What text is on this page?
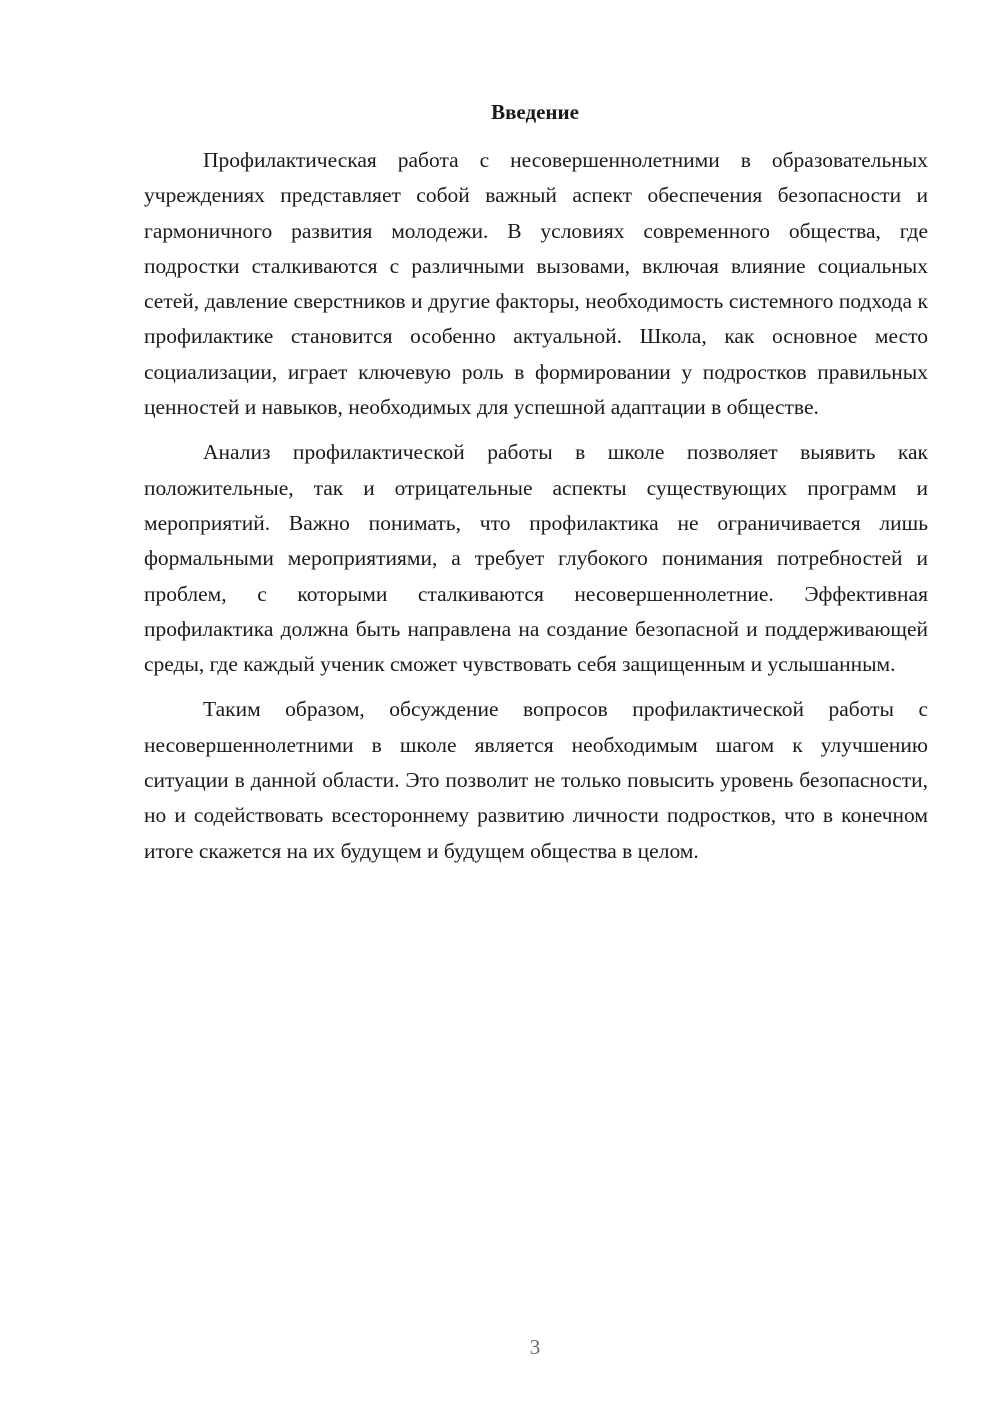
Введение

Профилактическая работа с несовершеннолетними в образовательных учреждениях представляет собой важный аспект обеспечения безопасности и гармоничного развития молодежи. В условиях современного общества, где подростки сталкиваются с различными вызовами, включая влияние социальных сетей, давление сверстников и другие факторы, необходимость системного подхода к профилактике становится особенно актуальной. Школа, как основное место социализации, играет ключевую роль в формировании у подростков правильных ценностей и навыков, необходимых для успешной адаптации в обществе.

Анализ профилактической работы в школе позволяет выявить как положительные, так и отрицательные аспекты существующих программ и мероприятий. Важно понимать, что профилактика не ограничивается лишь формальными мероприятиями, а требует глубокого понимания потребностей и проблем, с которыми сталкиваются несовершеннолетние. Эффективная профилактика должна быть направлена на создание безопасной и поддерживающей среды, где каждый ученик сможет чувствовать себя защищенным и услышанным.

Таким образом, обсуждение вопросов профилактической работы с несовершеннолетними в школе является необходимым шагом к улучшению ситуации в данной области. Это позволит не только повысить уровень безопасности, но и содействовать всестороннему развитию личности подростков, что в конечном итоге скажется на их будущем и будущем общества в целом.

3
